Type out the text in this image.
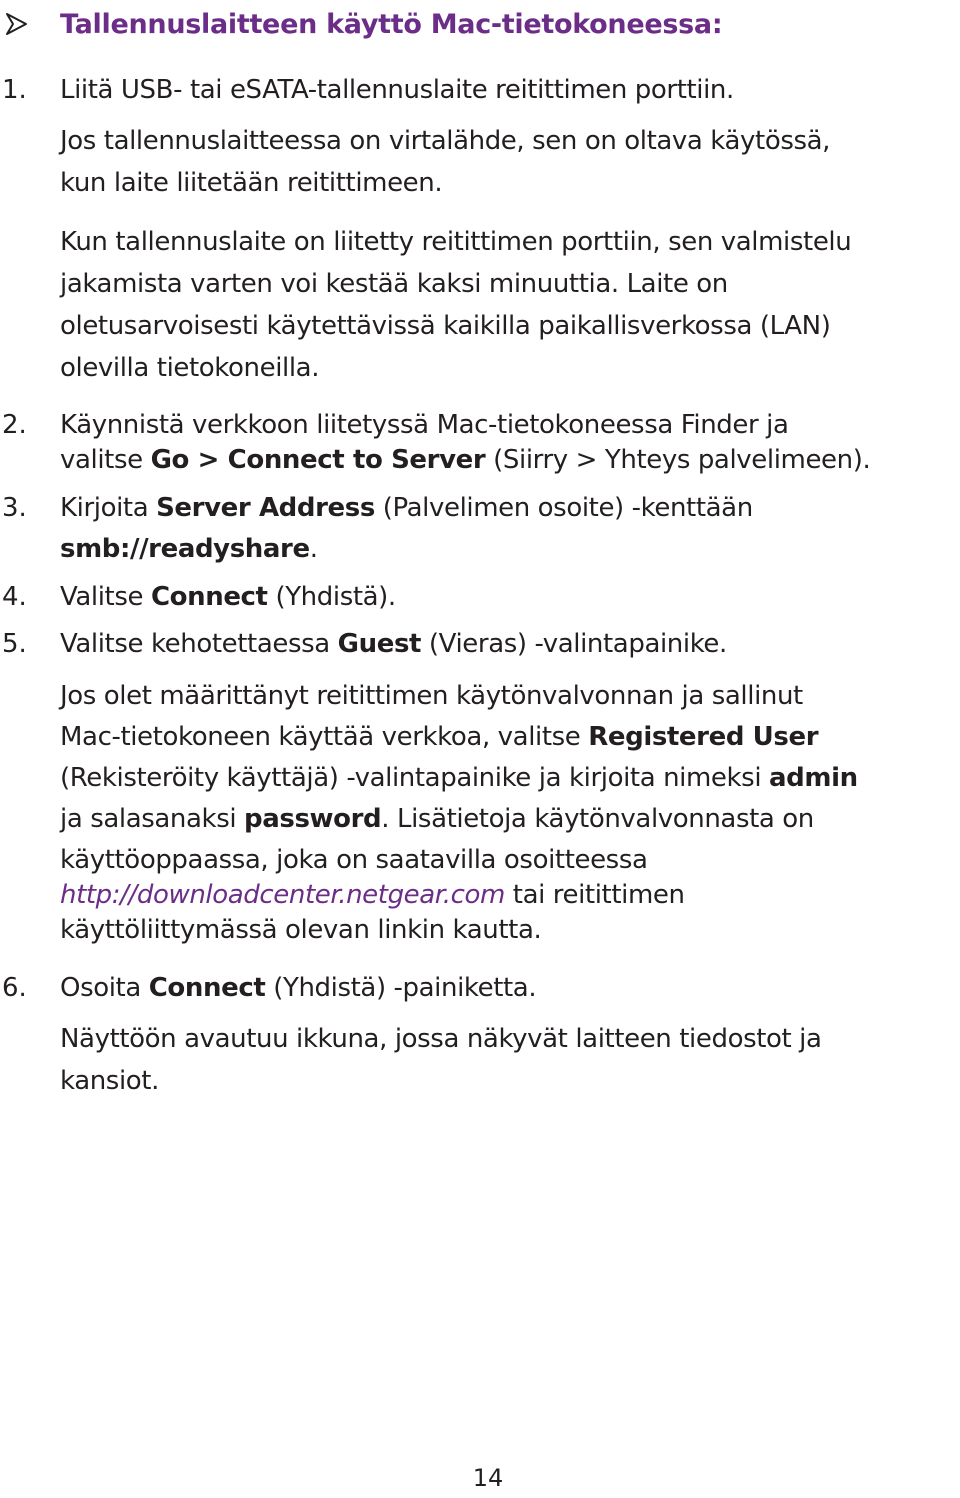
Tallennuslaitteen käyttö Mac-tietokoneessa:
1. Liitä USB- tai eSATA-tallennuslaite reitittimen porttiin.
Jos tallennuslaitteessa on virtalähde, sen on oltava käytössä,
kun laite liitetään reitittimeen.
Kun tallennuslaite on liitetty reitittimen porttiin, sen valmistelu
jakamista varten voi kestää kaksi minuuttia. Laite on
oletusarvoisesti käytettävissä kaikilla paikallisverkossa (LAN)
olevilla tietokoneilla.
2. Käynnistä verkkoon liitetyssä Mac-tietokoneessa Finder ja
valitse Go > Connect to Server (Siirry > Yhteys palvelimeen).
3. Kirjoita Server Address (Palvelimen osoite) -kenttään
smb://readyshare.
4. Valitse Connect (Yhdistä).
5. Valitse kehotettaessa Guest (Vieras) -valintapainike.
Jos olet määrittänyt reitittimen käytönvalvonnan ja sallinut
Mac-tietokoneen käyttää verkkoa, valitse Registered User
(Rekisteröity käyttäjä) -valintapainike ja kirjoita nimeksi admin
ja salasanaksi password. Lisätietoja käytönvalvonnasta on
käyttöoppaassa, joka on saatavilla osoitteessa
http://downloadcenter.netgear.com tai reitittimen
käyttöliittymässä olevan linkin kautta.
6. Osoita Connect (Yhdistä) -painiketta.
Näyttöön avautuu ikkuna, jossa näkyvät laitteen tiedostot ja
kansiot.
14
